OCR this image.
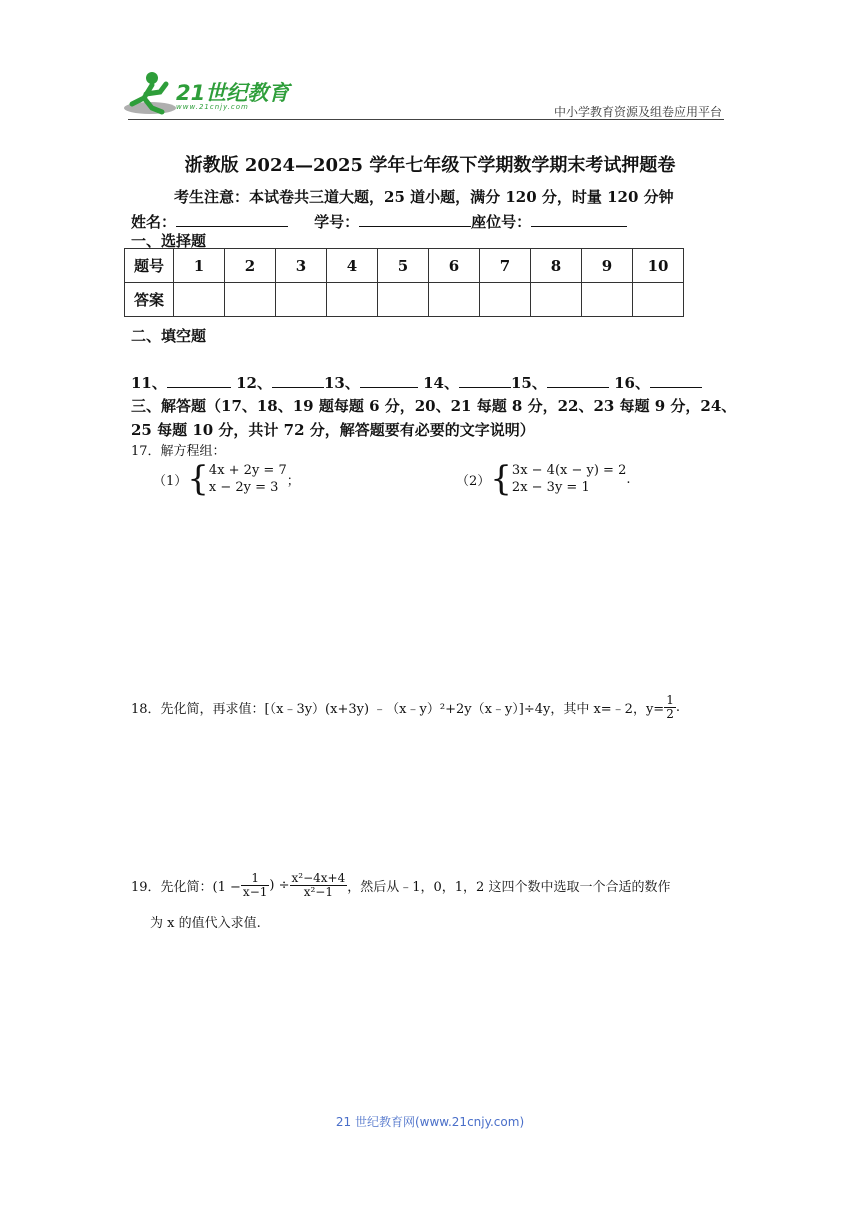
21世纪教育
www.21cnjy.com	中小学教育资源及组卷应用平台
浙教版 2024—2025 学年七年级下学期数学期末考试押题卷
考生注意：本试卷共三道大题，25 道小题，满分 120 分，时量 120 分钟
姓名：	学号：	座位号：
一、选择题
题号	1	2	3	4	5	6	7	8	9	10
答案										
二、填空题
11、	12、	13、	14、	15、	16、
三、解答题（17、18、19 题每题 6 分，20、21 每题 8 分，22、23 每题 9 分，24、25 每题 10 分，共计 72 分，解答题要有必要的文字说明）
17．解方程组：
（1） { 4x + 2y = 7
x − 2y = 3 ；	（2） { 3x − 4(x − y) = 2
2x − 3y = 1
.
18．先化简，再求值：[（x﹣3y）(x+3y) ﹣（x﹣y）²+2y（x﹣y）]÷4y，其中 x=﹣2，$y= \frac{1}{2}$ .
19．先化简：($1 - \frac{1}{x-1}$ ) ÷ $\frac{\text{x²−4x+4}}{\text{x²−1}}$ ，然后从﹣1，0，1，2 这四个数中选取一个合适的数作
为 x 的值代入求值.
21 世纪教育网(www.21cnjy.com)
